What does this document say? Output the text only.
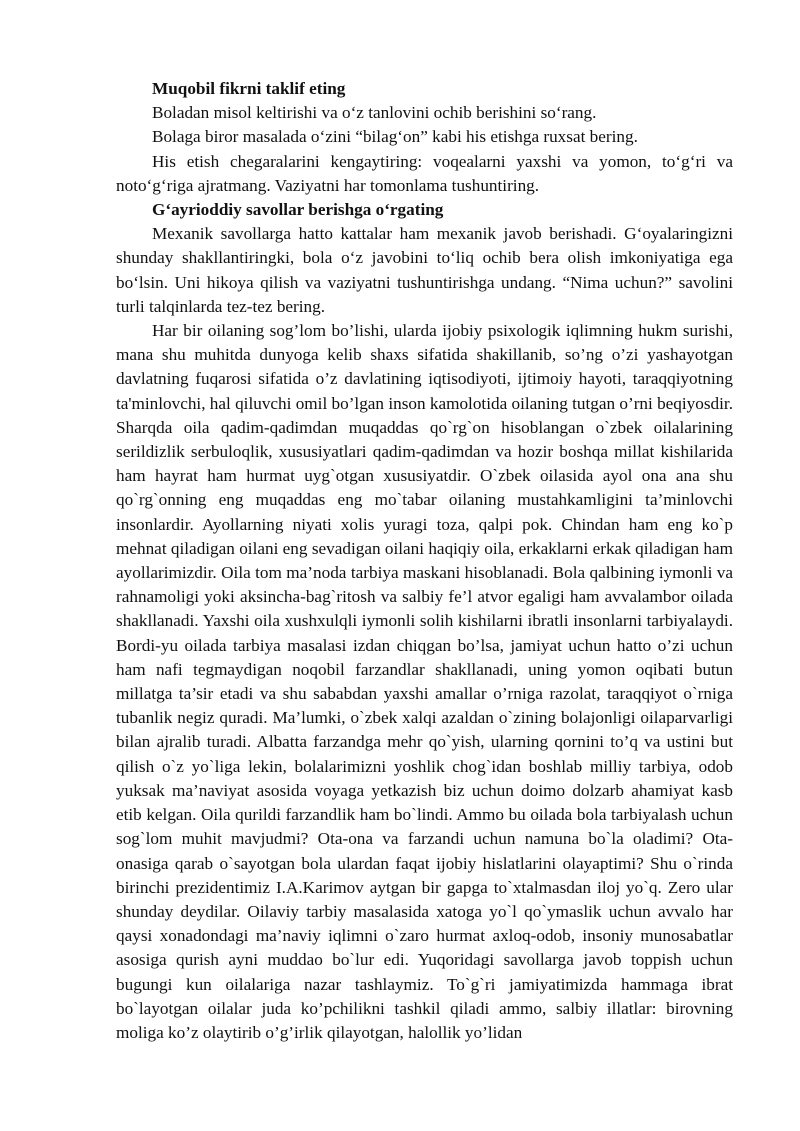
Muqobil fikrni taklif eting

Boladan misol keltirishi va o‘z tanlovini ochib berishini so‘rang.

Bolaga biror masalada o‘zini “bilag‘on” kabi his etishga ruxsat bering.

His etish chegaralarini kengaytiring: voqealarni yaxshi va yomon, to‘g‘ri va noto‘g‘riga ajratmang. Vaziyatni har tomonlama tushuntiring.

G‘ayrioddiy savollar berishga o‘rgating

Mexanik savollarga hatto kattalar ham mexanik javob berishadi. G‘oyalaringizni shunday shakllantiringki, bola o‘z javobini to‘liq ochib bera olish imkoniyatiga ega bo‘lsin. Uni hikoya qilish va vaziyatni tushuntirishga undang. “Nima uchun?” savolini turli talqinlarda tez-tez bering.

Har bir oilaning sog’lom bo’lishi, ularda ijobiy psixologik iqlimning hukm surishi, mana shu muhitda dunyoga kelib shaxs sifatida shakillanib, so’ng o’zi yashayotgan davlatning fuqarosi sifatida o’z davlatining iqtisodiyoti, ijtimoiy hayoti, taraqqiyotning ta'minlovchi, hal qiluvchi omil bo’lgan inson kamolotida oilaning tutgan o’rni beqiyosdir. Sharqda oila qadim-qadimdan muqaddas qo`rg`on hisoblangan o`zbek oilalarining serildizlik serbuloqlik, xususiyatlari qadim-qadimdan va hozir boshqa millat kishilarida ham hayrat ham hurmat uyg`otgan xususiyatdir. O`zbek oilasida ayol ona ana shu qo`rg`onning eng muqaddas eng mo`tabar oilaning mustahkamligini ta’minlovchi insonlardir. Ayollarning niyati xolis yuragi toza, qalpi pok. Chindan ham eng ko`p mehnat qiladigan oilani eng sevadigan oilani haqiqiy oila, erkaklarni erkak qiladigan ham ayollarimizdir. Oila tom ma’noda tarbiya maskani hisoblanadi. Bola qalbining iymonli va rahnamoligi yoki aksincha-bag`ritosh va salbiy fe’l atvor egaligi ham avvalambor oilada shakllanadi. Yaxshi oila xushxulqli iymonli solih kishilarni ibratli insonlarni tarbiyalaydi. Bordi-yu oilada tarbiya masalasi izdan chiqgan bo’lsa, jamiyat uchun hatto o’zi uchun ham nafi tegmaydigan noqobil farzandlar shakllanadi, uning yomon oqibati butun millatga ta’sir etadi va shu sababdan yaxshi amallar o’rniga razolat, taraqqiyot o`rniga tubanlik negiz quradi. Ma’lumki, o`zbek xalqi azaldan o`zining bolajonligi oilaparvarligi bilan ajralib turadi. Albatta farzandga mehr qo`yish, ularning qornini to’q va ustini but qilish o`z yo`liga lekin, bolalarimizni yoshlik chog`idan boshlab milliy tarbiya, odob yuksak ma’naviyat asosida voyaga yetkazish biz uchun doimo dolzarb ahamiyat kasb etib kelgan. Oila qurildi farzandlik ham bo`lindi. Ammo bu oilada bola tarbiyalash uchun sog`lom muhit mavjudmi? Ota-ona va farzandi uchun namuna bo`la oladimi? Ota-onasiga qarab o`sayotgan bola ulardan faqat ijobiy hislatlarini olayaptimi? Shu o`rinda birinchi prezidentimiz I.A.Karimov aytgan bir gapga to`xtalmasdan iloj yo`q. Zero ular shunday deydilar. Oilaviy tarbiy masalasida xatoga yo`l qo`ymaslik uchun avvalo har qaysi xonadondagi ma’naviy iqlimni o`zaro hurmat axloq-odob, insoniy munosabatlar asosiga qurish ayni muddao bo`lur edi. Yuqoridagi savollarga javob toppish uchun bugungi kun oilalariga nazar tashlaymiz. To`g`ri jamiyatimizda hammaga ibrat bo`layotgan oilalar juda ko’pchilikni tashkil qiladi ammo, salbiy illatlar: birovning moliga ko’z olaytirib o’g’irlik qilayotgan, halollik yo’lidan
